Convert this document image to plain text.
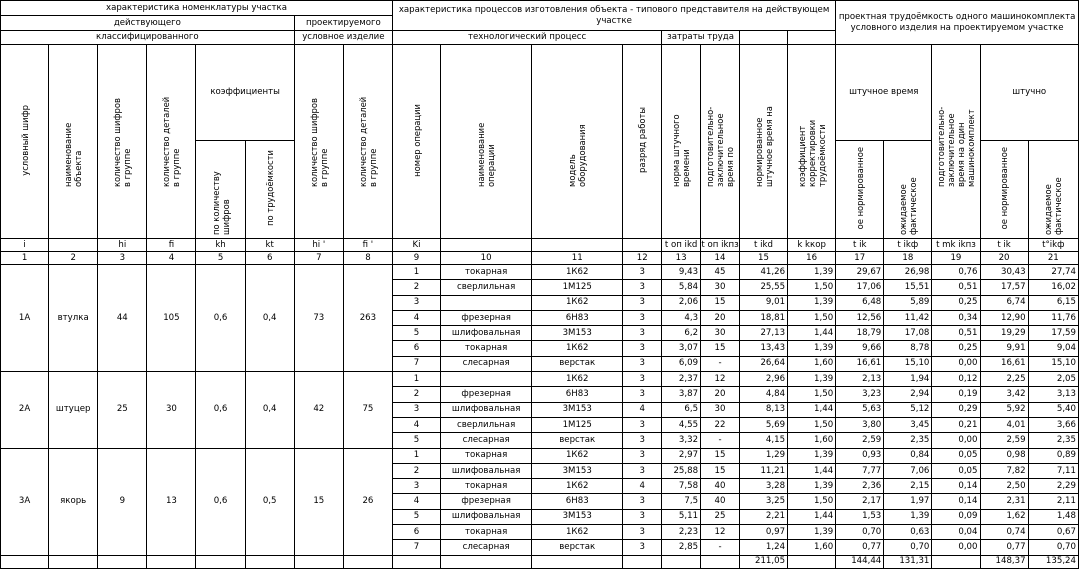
характеристика номенклатуры участка								характеристика процессов изготовления объекта - типового представителя на действующем участке								проектная трудоёмкость одного машинокомплекта условного изделия на проектируемом участке				
действующего						проектируемого														
классифицированного						условное изделие		технологический процесс				затраты труда								
условный шифр	наименование объекта	количество шифров в группе	количество деталей в группе	коэффициенты		количество шифров в группе	количество деталей в группе	номер операции	наименование операции	модель оборудования	разряд работы	норма штучного времени	подготовительно-заключительное время по	нормированное штучное время на	коэффициент корректировки трудоёмкости	штучное время		подготовительно-заключительное время на один машинокомплект	штучно	
				по количеству шифров	по трудоёмкости											ое нормированное	ожидаемое фактическое		ое нормированное	ожидаемое фактическое
i		hi	fi	kh	kt	hi '	fi '	Ki				t оп ikd	t оп ikпз	t ikd	k kкор	t ik	t ikф	t mk ikпз	t ik	t°ikф
1	2	3	4	5	6	7	8	9	10	11	12	13	14	15	16	17	18	19	20	21
1А	втулка	44	105	0,6	0,4	73	263	1	токарная	1К62	3	9,43	45	41,26	1,39	29,67	26,98	0,76	30,43	27,74
								2	сверлильная	1М125	3	5,84	30	25,55	1,50	17,06	15,51	0,51	17,57	16,02
								3		1К62	3	2,06	15	9,01	1,39	6,48	5,89	0,25	6,74	6,15
								4	фрезерная	6Н83	3	4,3	20	18,81	1,50	12,56	11,42	0,34	12,90	11,76
								5	шлифовальная	3М153	3	6,2	30	27,13	1,44	18,79	17,08	0,51	19,29	17,59
								6	токарная	1К62	3	3,07	15	13,43	1,39	9,66	8,78	0,25	9,91	9,04
								7	слесарная	верстак	3	6,09	-	26,64	1,60	16,61	15,10	0,00	16,61	15,10
2А	штуцер	25	30	0,6	0,4	42	75	1		1К62	3	2,37	12	2,96	1,39	2,13	1,94	0,12	2,25	2,05
								2	фрезерная	6Н83	3	3,87	20	4,84	1,50	3,23	2,94	0,19	3,42	3,13
								3	шлифовальная	3М153	4	6,5	30	8,13	1,44	5,63	5,12	0,29	5,92	5,40
								4	сверлильная	1М125	3	4,55	22	5,69	1,50	3,80	3,45	0,21	4,01	3,66
								5	слесарная	верстак	3	3,32	-	4,15	1,60	2,59	2,35	0,00	2,59	2,35
3А	якорь	9	13	0,6	0,5	15	26	1	токарная	1К62	3	2,97	15	1,29	1,39	0,93	0,84	0,05	0,98	0,89
								2	шлифовальная	3М153	3	25,88	15	11,21	1,44	7,77	7,06	0,05	7,82	7,11
								3	токарная	1К62	4	7,58	40	3,28	1,39	2,36	2,15	0,14	2,50	2,29
								4	фрезерная	6Н83	3	7,5	40	3,25	1,50	2,17	1,97	0,14	2,31	2,11
								5	шлифовальная	3М153	3	5,11	25	2,21	1,44	1,53	1,39	0,09	1,62	1,48
								6	токарная	1К62	3	2,23	12	0,97	1,39	0,70	0,63	0,04	0,74	0,67
								7	слесарная	верстак	3	2,85	-	1,24	1,60	0,77	0,70	0,00	0,77	0,70
														211,05		144,44	131,31		148,37	135,24
